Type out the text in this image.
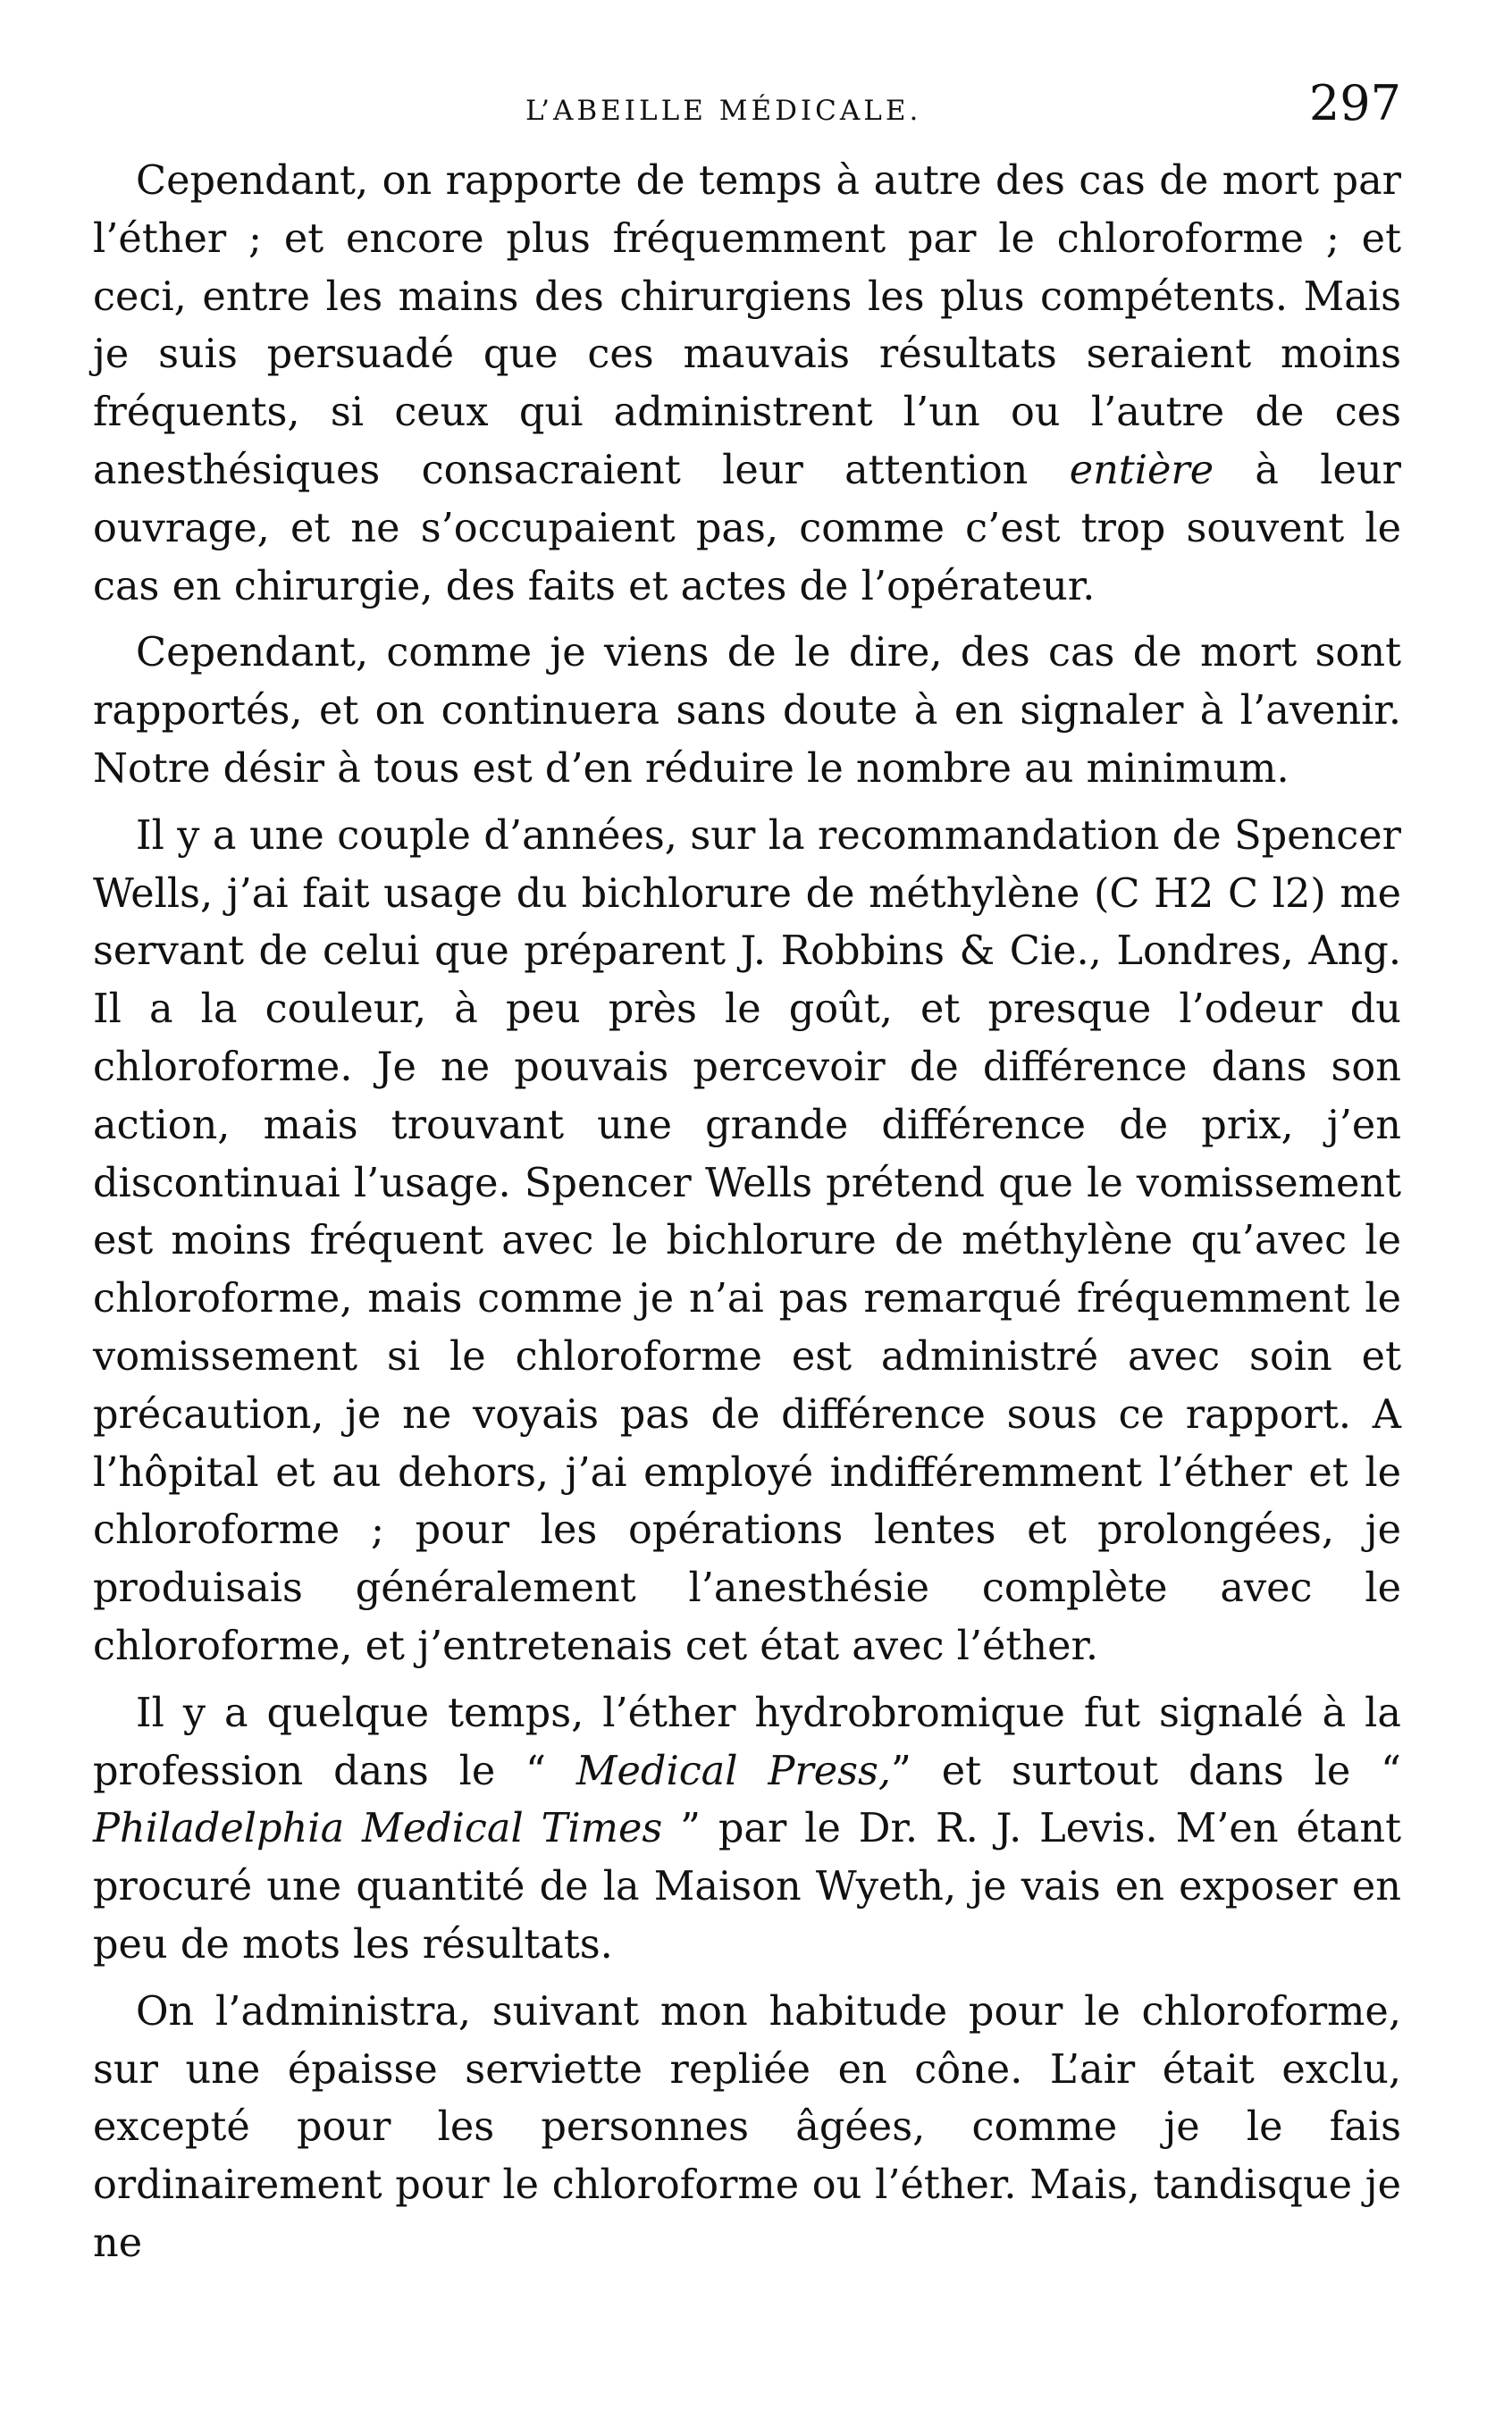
L’ABEILLE MÉDICALE.	297

Cependant, on rapporte de temps à autre des cas de mort par l’éther ; et encore plus fréquemment par le chloroforme ; et ceci, entre les mains des chirurgiens les plus compétents. Mais je suis persuadé que ces mauvais résultats seraient moins fréquents, si ceux qui administrent l’un ou l’autre de ces anesthésiques consacraient leur attention entière à leur ouvrage, et ne s’occupaient pas, comme c’est trop souvent le cas en chirurgie, des faits et actes de l’opérateur.

Cependant, comme je viens de le dire, des cas de mort sont rapportés, et on continuera sans doute à en signaler à l’avenir. Notre désir à tous est d’en réduire le nombre au minimum.

Il y a une couple d’années, sur la recommandation de Spencer Wells, j’ai fait usage du bichlorure de méthylène (C H2 C l2) me servant de celui que préparent J. Robbins & Cie., Londres, Ang. Il a la couleur, à peu près le goût, et presque l’odeur du chloroforme. Je ne pouvais percevoir de différence dans son action, mais trouvant une grande différence de prix, j’en discontinuai l’usage. Spencer Wells prétend que le vomissement est moins fréquent avec le bichlorure de méthylène qu’avec le chloroforme, mais comme je n’ai pas remarqué fréquemment le vomissement si le chloroforme est administré avec soin et précaution, je ne voyais pas de différence sous ce rapport. A l’hôpital et au dehors, j’ai employé indifféremment l’éther et le chloroforme ; pour les opérations lentes et prolongées, je produisais généralement l’anesthésie complète avec le chloroforme, et j’entretenais cet état avec l’éther.

Il y a quelque temps, l’éther hydrobromique fut signalé à la profession dans le “ Medical Press,” et surtout dans le “ Philadelphia Medical Times ” par le Dr. R. J. Levis. M’en étant procuré une quantité de la Maison Wyeth, je vais en exposer en peu de mots les résultats.

On l’administra, suivant mon habitude pour le chloroforme, sur une épaisse serviette repliée en cône. L’air était exclu, excepté pour les personnes âgées, comme je le fais ordinairement pour le chloroforme ou l’éther. Mais, tandisque je ne
